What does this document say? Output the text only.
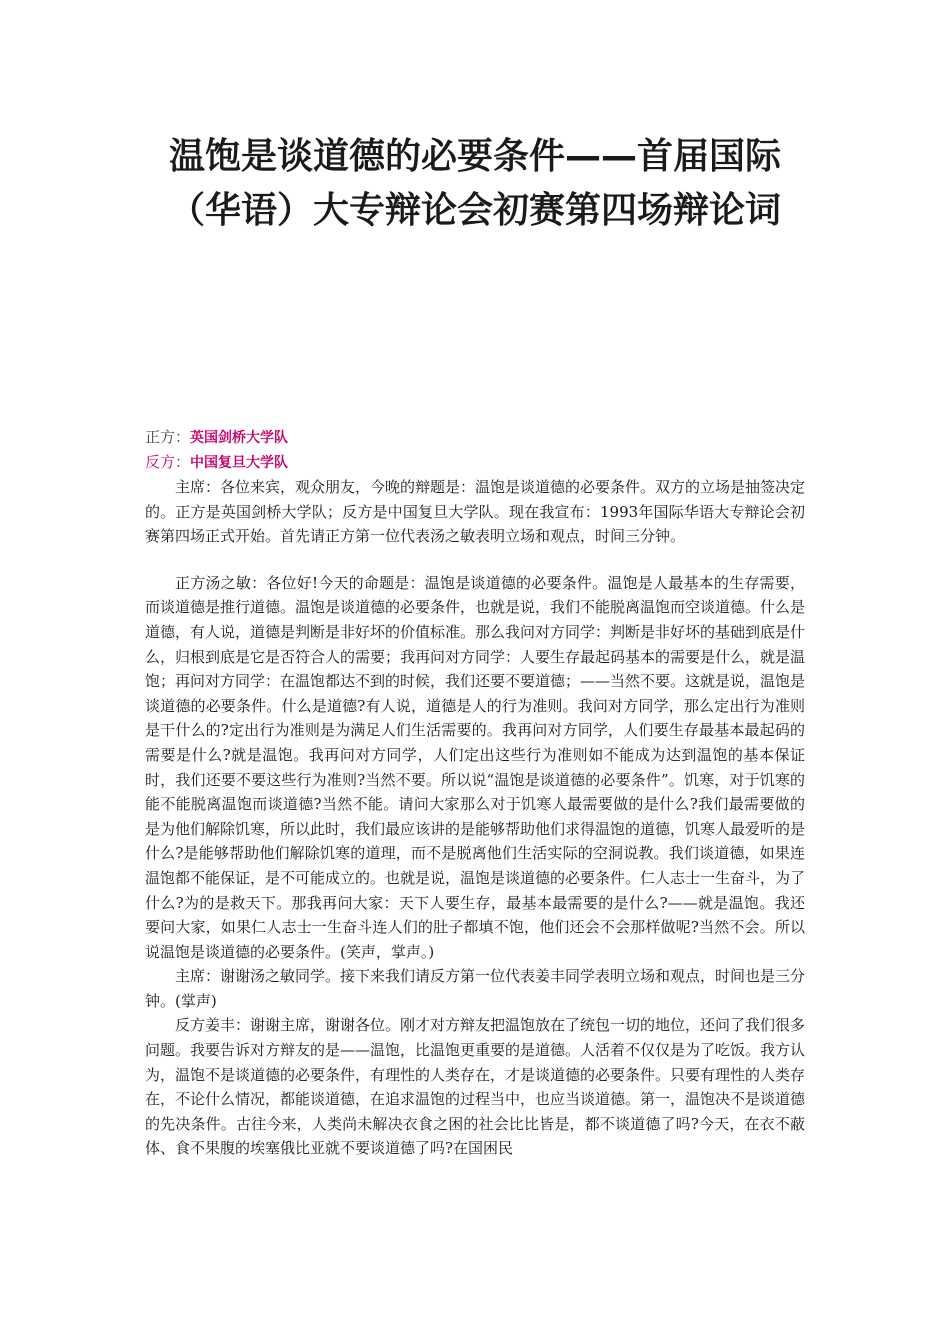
温饱是谈道德的必要条件——首届国际（华语）大专辩论会初赛第四场辩论词

正方：英国剑桥大学队

反方：中国复旦大学队

主席：各位来宾，观众朋友，今晚的辩题是：温饱是谈道德的必要条件。双方的立场是抽签决定的。正方是英国剑桥大学队；反方是中国复旦大学队。现在我宣布：1993年国际华语大专辩论会初赛第四场正式开始。首先请正方第一位代表汤之敏表明立场和观点，时间三分钟。

正方汤之敏：各位好!今天的命题是：温饱是谈道德的必要条件。温饱是人最基本的生存需要，而谈道德是推行道德。温饱是谈道德的必要条件，也就是说，我们不能脱离温饱而空谈道德。什么是道德，有人说，道德是判断是非好坏的价值标准。那么我问对方同学：判断是非好坏的基础到底是什么，归根到底是它是否符合人的需要；我再问对方同学：人要生存最起码基本的需要是什么，就是温饱；再问对方同学：在温饱都达不到的时候，我们还要不要道德；——当然不要。这就是说，温饱是谈道德的必要条件。什么是道德?有人说，道德是人的行为准则。我问对方同学，那么定出行为准则是干什么的?定出行为准则是为满足人们生活需要的。我再问对方同学，人们要生存最基本最起码的需要是什么?就是温饱。我再问对方同学，人们定出这些行为准则如不能成为达到温饱的基本保证时，我们还要不要这些行为准则?当然不要。所以说“温饱是谈道德的必要条件”。饥寒，对于饥寒的能不能脱离温饱而谈道德?当然不能。请问大家那么对于饥寒人最需要做的是什么?我们最需要做的是为他们解除饥寒，所以此时，我们最应该讲的是能够帮助他们求得温饱的道德，饥寒人最爱听的是什么?是能够帮助他们解除饥寒的道理，而不是脱离他们生活实际的空洞说教。我们谈道德，如果连温饱都不能保证，是不可能成立的。也就是说，温饱是谈道德的必要条件。仁人志士一生奋斗，为了什么?为的是救天下。那我再问大家：天下人要生存，最基本最需要的是什么?——就是温饱。我还要问大家，如果仁人志士一生奋斗连人们的肚子都填不饱，他们还会不会那样做呢?当然不会。所以说温饱是谈道德的必要条件。(笑声，掌声。)

主席：谢谢汤之敏同学。接下来我们请反方第一位代表姜丰同学表明立场和观点，时间也是三分钟。(掌声)

反方姜丰：谢谢主席，谢谢各位。刚才对方辩友把温饱放在了统包一切的地位，还问了我们很多问题。我要告诉对方辩友的是——温饱，比温饱更重要的是道德。人活着不仅仅是为了吃饭。我方认为，温饱不是谈道德的必要条件，有理性的人类存在，才是谈道德的必要条件。只要有理性的人类存在，不论什么情况，都能谈道德，在追求温饱的过程当中，也应当谈道德。第一，温饱决不是谈道德的先决条件。古往今来，人类尚未解决衣食之困的社会比比皆是，都不谈道德了吗?今天，在衣不蔽体、食不果腹的埃塞俄比亚就不要谈道德了吗?在国困民
